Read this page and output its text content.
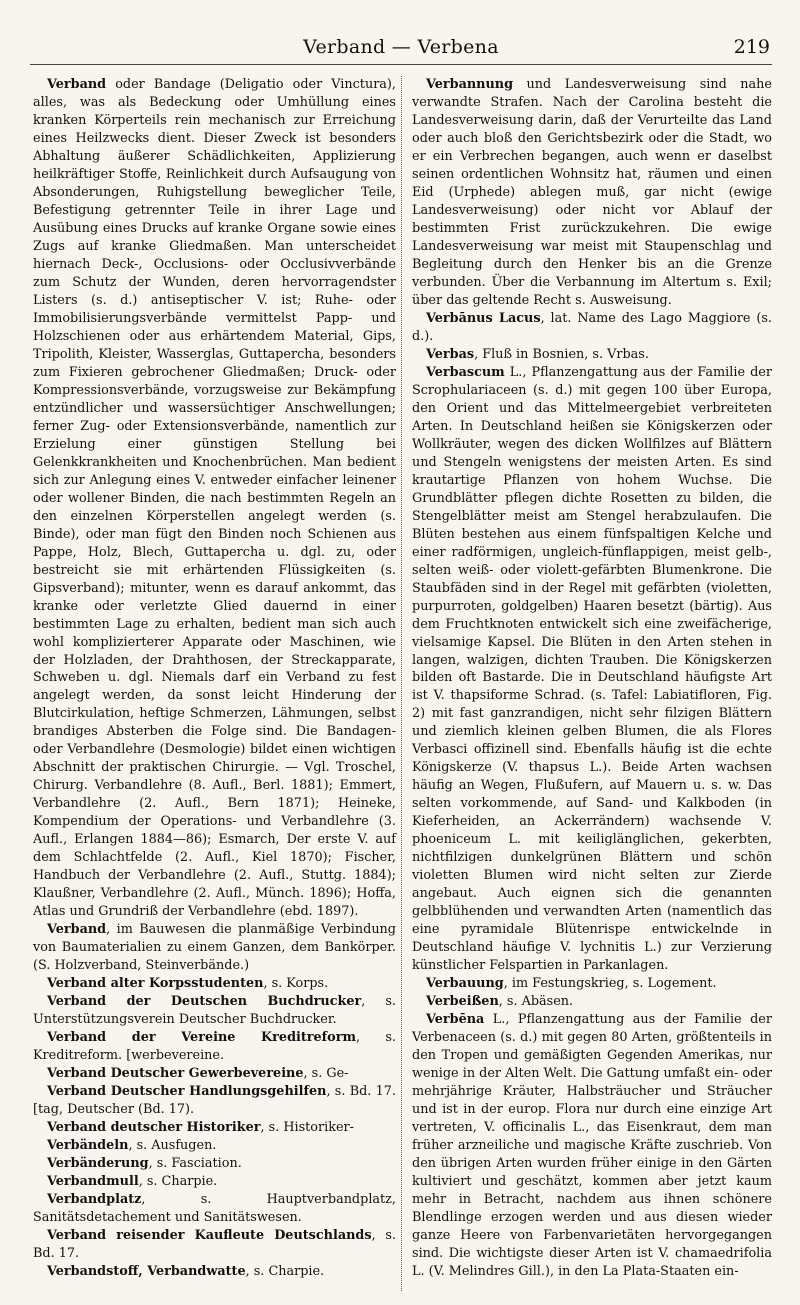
Verband — Verbena	219

Verband oder Bandage (Deligatio oder Vinctura), alles, was als Bedeckung oder Umhüllung eines kranken Körperteils rein mechanisch zur Erreichung eines Heilzwecks dient. Dieser Zweck ist besonders Abhaltung äußerer Schädlichkeiten, Applizierung heilkräftiger Stoffe, Reinlichkeit durch Aufsaugung von Absonderungen, Ruhigstellung beweglicher Teile, Befestigung getrennter Teile in ihrer Lage und Ausübung eines Drucks auf kranke Organe sowie eines Zugs auf kranke Gliedmaßen. Man unterscheidet hiernach Deck-, Occlusions- oder Occlusivverbände zum Schutz der Wunden, deren hervorragendster Listers (s. d.) antiseptischer V. ist; Ruhe- oder Immobilisierungsverbände vermittelst Papp- und Holzschienen oder aus erhärtendem Material, Gips, Tripolith, Kleister, Wasserglas, Guttapercha, besonders zum Fixieren gebrochener Gliedmaßen; Druck- oder Kompressionsverbände, vorzugsweise zur Bekämpfung entzündlicher und wassersüchtiger Anschwellungen; ferner Zug- oder Extensionsverbände, namentlich zur Erzielung einer günstigen Stellung bei Gelenkkrankheiten und Knochenbrüchen. Man bedient sich zur Anlegung eines V. entweder einfacher leinener oder wollener Binden, die nach bestimmten Regeln an den einzelnen Körperstellen angelegt werden (s. Binde), oder man fügt den Binden noch Schienen aus Pappe, Holz, Blech, Guttapercha u. dgl. zu, oder bestreicht sie mit erhärtenden Flüssigkeiten (s. Gipsverband); mitunter, wenn es darauf ankommt, das kranke oder verletzte Glied dauernd in einer bestimmten Lage zu erhalten, bedient man sich auch wohl komplizierterer Apparate oder Maschinen, wie der Holzladen, der Drahthosen, der Streckapparate, Schweben u. dgl. Niemals darf ein Verband zu fest angelegt werden, da sonst leicht Hinderung der Blutcirkulation, heftige Schmerzen, Lähmungen, selbst brandiges Absterben die Folge sind. Die Bandagen- oder Verbandlehre (Desmologie) bildet einen wichtigen Abschnitt der praktischen Chirurgie. — Vgl. Troschel, Chirurg. Verbandlehre (8. Aufl., Berl. 1881); Emmert, Verbandlehre (2. Aufl., Bern 1871); Heineke, Kompendium der Operations- und Verbandlehre (3. Aufl., Erlangen 1884—86); Esmarch, Der erste V. auf dem Schlachtfelde (2. Aufl., Kiel 1870); Fischer, Handbuch der Verbandlehre (2. Aufl., Stuttg. 1884); Klaußner, Verbandlehre (2. Aufl., Münch. 1896); Hoffa, Atlas und Grundriß der Verbandlehre (ebd. 1897).

Verband, im Bauwesen die planmäßige Verbindung von Baumaterialien zu einem Ganzen, dem Bankörper. (S. Holzverband, Steinverbände.)

Verband alter Korpsstudenten, s. Korps.

Verband der Deutschen Buchdrucker, s. Unterstützungsverein Deutscher Buchdrucker.

Verband der Vereine Kreditreform, s. Kreditreform. [werbevereine.

Verband Deutscher Gewerbevereine, s. Ge-

Verband Deutscher Handlungsgehilfen, s. Bd. 17. [tag, Deutscher (Bd. 17).

Verband deutscher Historiker, s. Historiker-

Verbändeln, s. Ausfugen.

Verbänderung, s. Fasciation.

Verbandmull, s. Charpie.

Verbandplatz, s. Hauptverbandplatz, Sanitätsdetachement und Sanitätswesen.

Verband reisender Kaufleute Deutschlands, s. Bd. 17.

Verbandstoff, Verbandwatte, s. Charpie.

Verbannung und Landesverweisung sind nahe verwandte Strafen. Nach der Carolina besteht die Landesverweisung darin, daß der Verurteilte das Land oder auch bloß den Gerichtsbezirk oder die Stadt, wo er ein Verbrechen begangen, auch wenn er daselbst seinen ordentlichen Wohnsitz hat, räumen und einen Eid (Urphede) ablegen muß, gar nicht (ewige Landesverweisung) oder nicht vor Ablauf der bestimmten Frist zurückzukehren. Die ewige Landesverweisung war meist mit Staupenschlag und Begleitung durch den Henker bis an die Grenze verbunden. Über die Verbannung im Altertum s. Exil; über das geltende Recht s. Ausweisung.

Verbānus Lacus, lat. Name des Lago Maggiore (s. d.).

Verbas, Fluß in Bosnien, s. Vrbas.

Verbascum L., Pflanzengattung aus der Familie der Scrophulariaceen (s. d.) mit gegen 100 über Europa, den Orient und das Mittelmeergebiet verbreiteten Arten. In Deutschland heißen sie Königskerzen oder Wollkräuter, wegen des dicken Wollfilzes auf Blättern und Stengeln wenigstens der meisten Arten. Es sind krautartige Pflanzen von hohem Wuchse. Die Grundblätter pflegen dichte Rosetten zu bilden, die Stengelblätter meist am Stengel herabzulaufen. Die Blüten bestehen aus einem fünfspaltigen Kelche und einer radförmigen, ungleich-fünflappigen, meist gelb-, selten weiß- oder violett-gefärbten Blumenkrone. Die Staubfäden sind in der Regel mit gefärbten (violetten, purpurroten, goldgelben) Haaren besetzt (bärtig). Aus dem Fruchtknoten entwickelt sich eine zweifächerige, vielsamige Kapsel. Die Blüten in den Arten stehen in langen, walzigen, dichten Trauben. Die Königskerzen bilden oft Bastarde. Die in Deutschland häufigste Art ist V. thapsiforme Schrad. (s. Tafel: Labiatifloren, Fig. 2) mit fast ganzrandigen, nicht sehr filzigen Blättern und ziemlich kleinen gelben Blumen, die als Flores Verbasci offizinell sind. Ebenfalls häufig ist die echte Königskerze (V. thapsus L.). Beide Arten wachsen häufig an Wegen, Flußufern, auf Mauern u. s. w. Das selten vorkommende, auf Sand- und Kalkboden (in Kieferheiden, an Ackerrändern) wachsende V. phoeniceum L. mit keiliglänglichen, gekerbten, nichtfilzigen dunkelgrünen Blättern und schön violetten Blumen wird nicht selten zur Zierde angebaut. Auch eignen sich die genannten gelbblühenden und verwandten Arten (namentlich das eine pyramidale Blütenrispe entwickelnde in Deutschland häufige V. lychnitis L.) zur Verzierung künstlicher Felspartien in Parkanlagen.

Verbauung, im Festungskrieg, s. Logement.

Verbeißen, s. Abäsen.

Verbēna L., Pflanzengattung aus der Familie der Verbenaceen (s. d.) mit gegen 80 Arten, größtenteils in den Tropen und gemäßigten Gegenden Amerikas, nur wenige in der Alten Welt. Die Gattung umfaßt ein- oder mehrjährige Kräuter, Halbsträucher und Sträucher und ist in der europ. Flora nur durch eine einzige Art vertreten, V. officinalis L., das Eisenkraut, dem man früher arzneiliche und magische Kräfte zuschrieb. Von den übrigen Arten wurden früher einige in den Gärten kultiviert und geschätzt, kommen aber jetzt kaum mehr in Betracht, nachdem aus ihnen schönere Blendlinge erzogen werden und aus diesen wieder ganze Heere von Farbenvarietäten hervorgegangen sind. Die wichtigste dieser Arten ist V. chamaedrifolia L. (V. Melindres Gill.), in den La Plata-Staaten ein-
